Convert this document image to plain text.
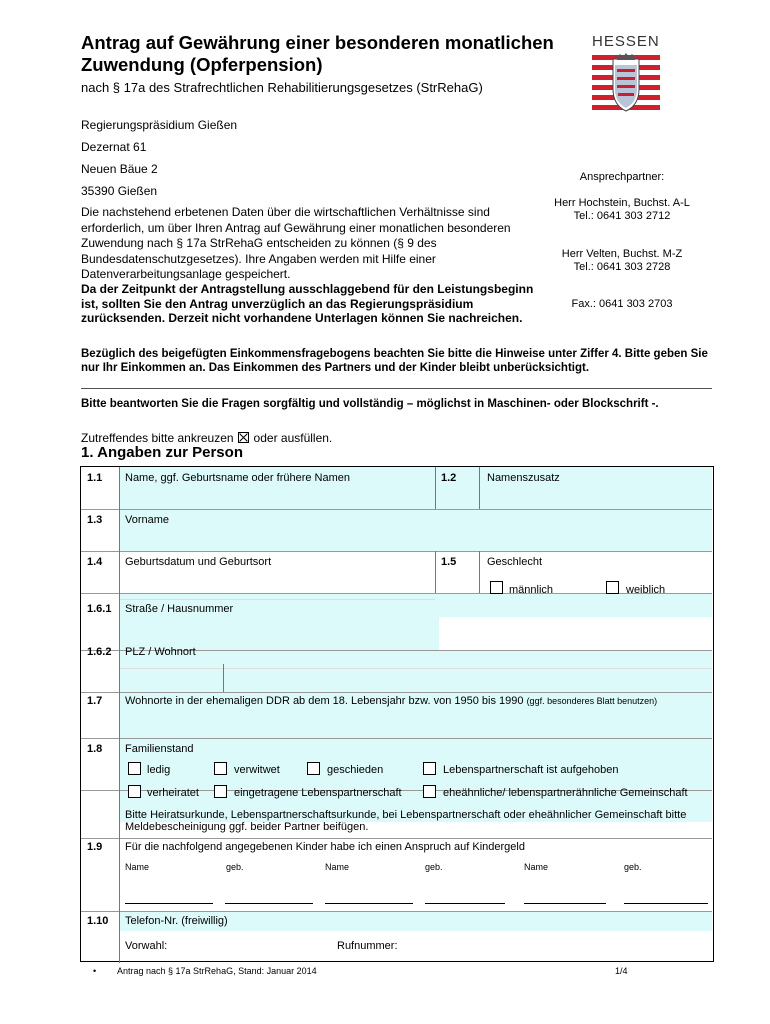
Antrag auf Gewährung einer besonderen monatlichen Zuwendung (Opferpension)
nach § 17a des Strafrechtlichen Rehabilitierungsgesetzes (StrRehaG)
HESSEN
Regierungspräsidium Gießen
Dezernat 61
Neuen Bäue 2
35390 Gießen
Ansprechpartner:
Herr Hochstein, Buchst. A-L
Tel.: 0641 303 2712
Herr Velten, Buchst. M-Z
Tel.: 0641 303 2728
Fax.: 0641 303 2703
Die nachstehend erbetenen Daten über die wirtschaftlichen Verhältnisse sind erforderlich, um über Ihren Antrag auf Gewährung einer monatlichen besonderen Zuwendung nach § 17a StrRehaG entscheiden zu können (§ 9 des Bundesdatenschutzgesetzes). Ihre Angaben werden mit Hilfe einer Datenverarbeitungsanlage gespeichert.
Da der Zeitpunkt der Antragstellung ausschlaggebend für den Leistungsbeginn ist, sollten Sie den Antrag unverzüglich an das Regierungspräsidium zurücksenden. Derzeit nicht vorhandene Unterlagen können Sie nachreichen.
Bezüglich des beigefügten Einkommensfragebogens beachten Sie bitte die Hinweise unter Ziffer 4. Bitte geben Sie nur Ihr Einkommen an. Das Einkommen des Partners und der Kinder bleibt unberücksichtigt.
Bitte beantworten Sie die Fragen sorgfältig und vollständig – möglichst in Maschinen- oder Blockschrift -.
Zutreffendes bitte ankreuzen oder ausfüllen.
1. Angaben zur Person
1.1 Name, ggf. Geburtsname oder frühere Namen	1.2	Namenszusatz
1.3 Vorname
1.4 Geburtsdatum und Geburtsort	1.5	Geschlecht
männlich	weiblich
1.6.1 Straße / Hausnummer
1.6.2 PLZ / Wohnort
1.7 Wohnorte in der ehemaligen DDR ab dem 18. Lebensjahr bzw. von 1950 bis 1990 (ggf. besonderes Blatt benutzen)
1.8 Familienstand
ledig	verwitwet	geschieden	Lebenspartnerschaft ist aufgehoben
verheiratet	eingetragene Lebenspartnerschaft	eheähnliche/ lebenspartnerähnliche Gemeinschaft
Bitte Heiratsurkunde, Lebenspartnerschaftsurkunde, bei Lebenspartnerschaft oder eheähnlicher Gemeinschaft bitte Meldebescheinigung ggf. beider Partner beifügen.
1.9 Für die nachfolgend angegebenen Kinder habe ich einen Anspruch auf Kindergeld
Name	geb.	Name	geb.	Name	geb.
1.10 Telefon-Nr. (freiwillig)
Vorwahl:	Rufnummer:
• Antrag nach § 17a StrRehaG, Stand: Januar 2014	1/4
